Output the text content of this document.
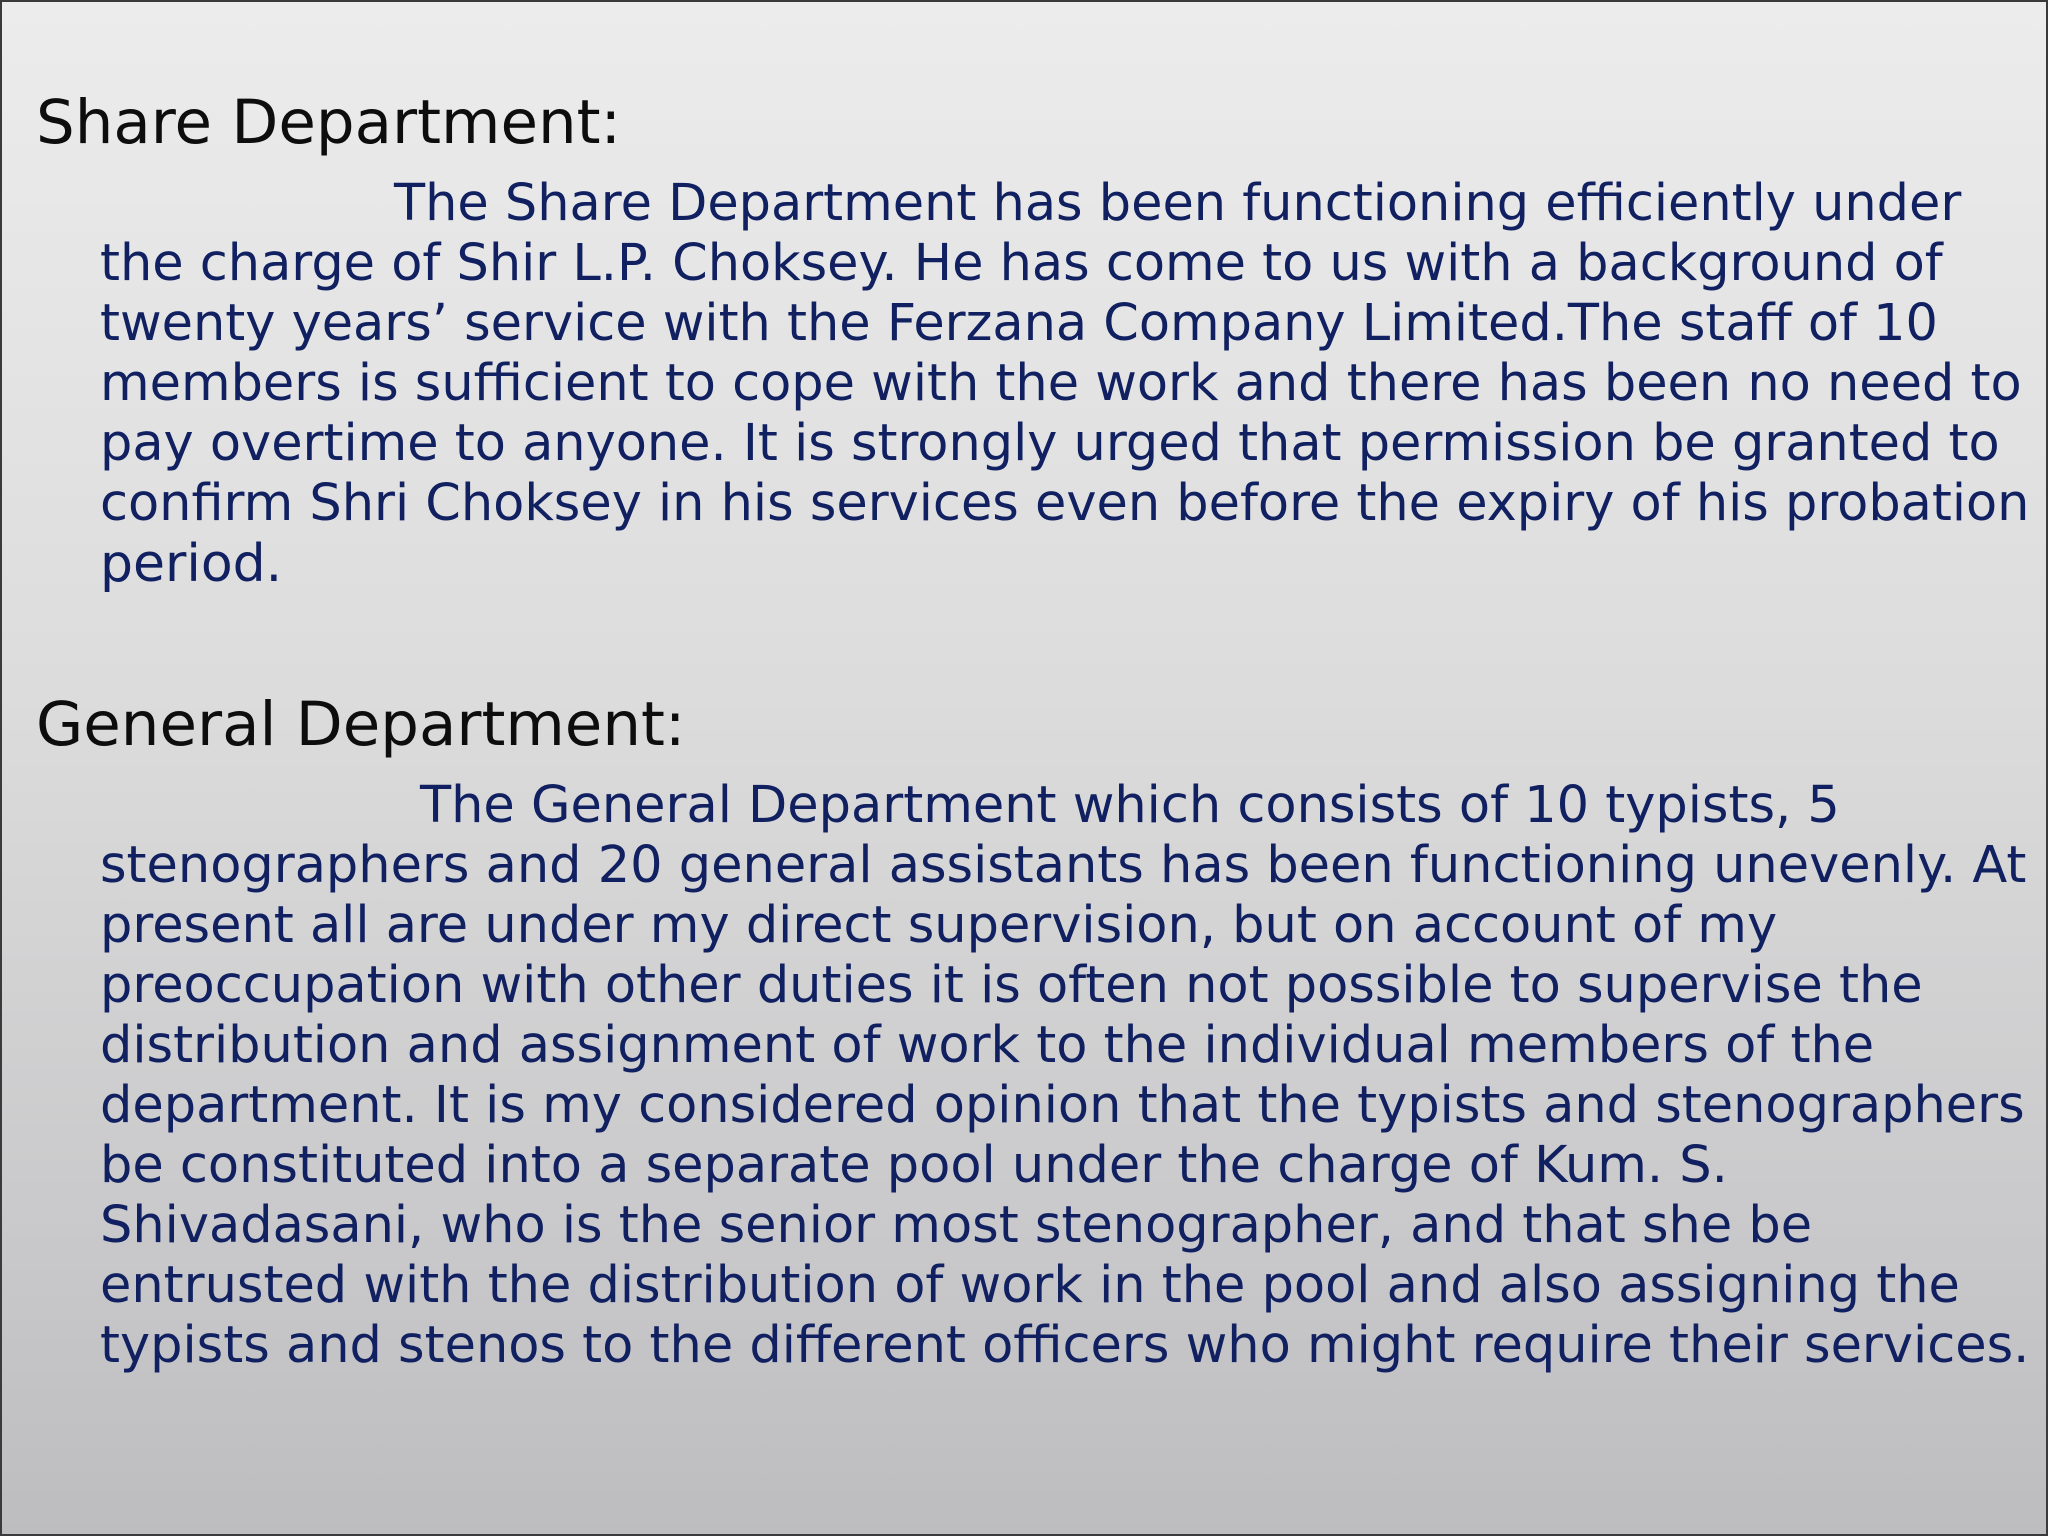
Share Department:

The Share Department has been functioning efficiently under
the charge of Shir L.P. Choksey. He has come to us with a background of
twenty years’ service with the Ferzana Company Limited.The staff of 10
members is sufficient to cope with the work and there has been no need to
pay overtime to anyone. It is strongly urged that permission be granted to
confirm Shri Choksey in his services even before the expiry of his probation
period.

General Department:

The General Department which consists of 10 typists, 5
stenographers and 20 general assistants has been functioning unevenly. At
present all are under my direct supervision, but on account of my
preoccupation with other duties it is often not possible to supervise the
distribution and assignment of work to the individual members of the
department. It is my considered opinion that the typists and stenographers
be constituted into a separate pool under the charge of Kum. S.
Shivadasani, who is the senior most stenographer, and that she be
entrusted with the distribution of work in the pool and also assigning the
typists and stenos to the different officers who might require their services.
